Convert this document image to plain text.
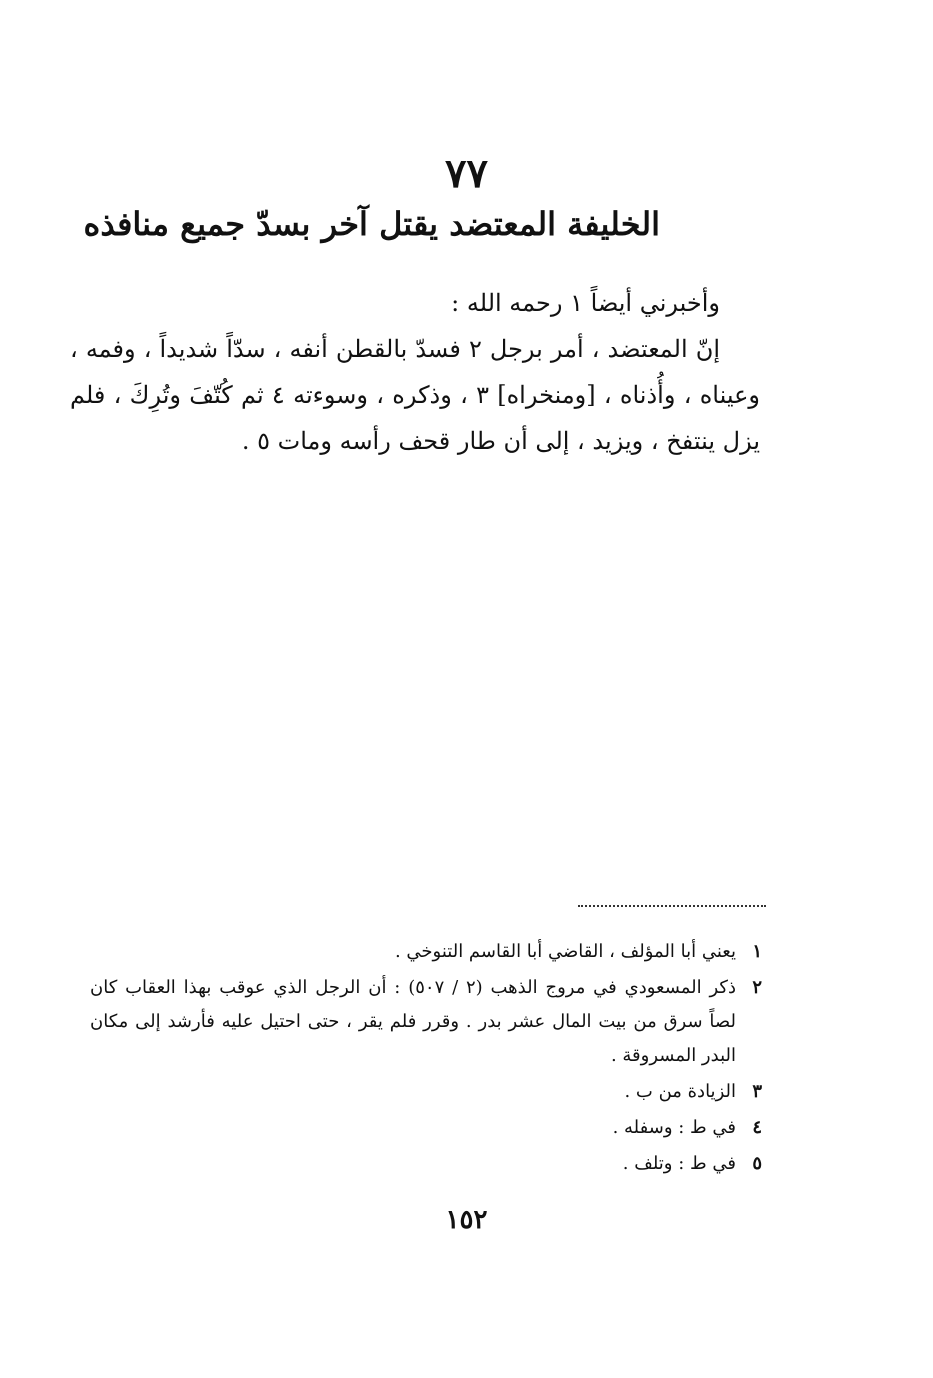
٧٧
الخليفة المعتضد يقتل آخر بسدّ جميع منافذه

وأخبرني أيضاً ١ رحمه الله :

إنّ المعتضد ، أمر برجل ٢ فسدّ بالقطن أنفه ، سدّاً شديداً ، وفمه ، وعيناه ، وأُذناه ، [ومنخراه] ٣ ، وذكره ، وسوءته ٤ ثم كُتّفَ وتُرِكَ ، فلم يزل ينتفخ ، ويزيد ، إلى أن طار قحف رأسه ومات ٥ .

١
يعني أبا المؤلف ، القاضي أبا القاسم التنوخي .
٢
ذكر المسعودي في مروج الذهب (٢ / ٥٠٧) : أن الرجل الذي عوقب بهذا العقاب كان لصاً سرق من بيت المال عشر بدر . وقرر فلم يقر ، حتى احتيل عليه فأرشد إلى مكان البدر المسروقة .
٣
الزيادة من ب .
٤
في ط : وسفله .
٥
في ط : وتلف .
١٥٢
